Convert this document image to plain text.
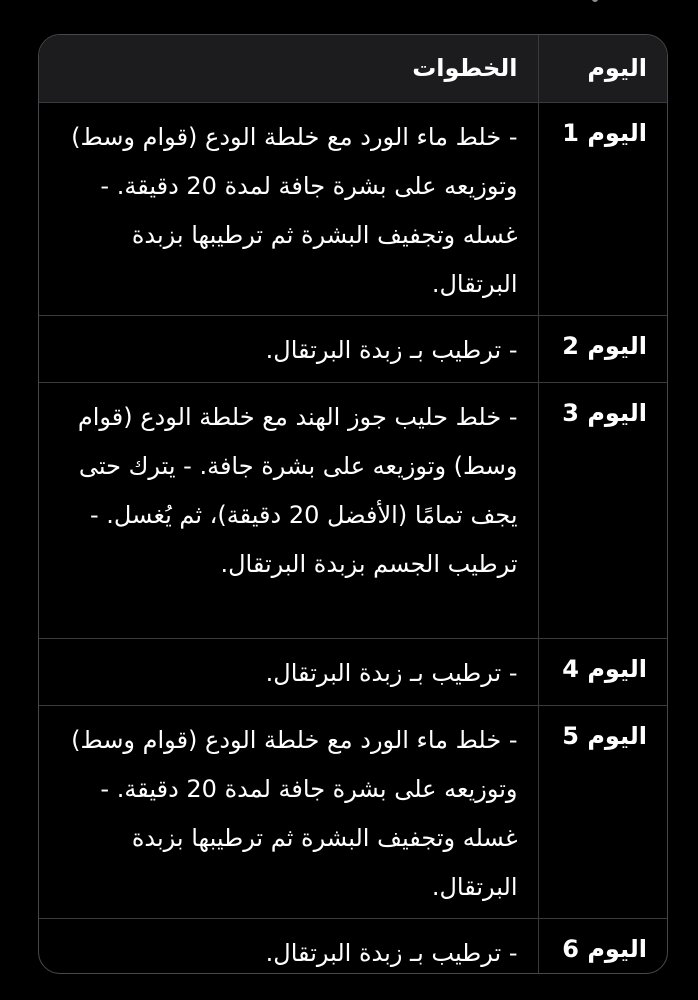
اليوم	الخطوات
اليوم 1	- خلط ماء الورد مع خلطة الودع (قوام وسط) وتوزيعه على بشرة جافة لمدة 20 دقيقة. - غسله وتجفيف البشرة ثم ترطيبها بزبدة البرتقال.
اليوم 2	- ترطيب بـ زبدة البرتقال.
اليوم 3	- خلط حليب جوز الهند مع خلطة الودع (قوام وسط) وتوزيعه على بشرة جافة. - يترك حتى يجف تمامًا (الأفضل 20 دقيقة)، ثم يُغسل. - ترطيب الجسم بزبدة البرتقال.
اليوم 4	- ترطيب بـ زبدة البرتقال.
اليوم 5	- خلط ماء الورد مع خلطة الودع (قوام وسط) وتوزيعه على بشرة جافة لمدة 20 دقيقة. - غسله وتجفيف البشرة ثم ترطيبها بزبدة البرتقال.
اليوم 6	- ترطيب بـ زبدة البرتقال.
